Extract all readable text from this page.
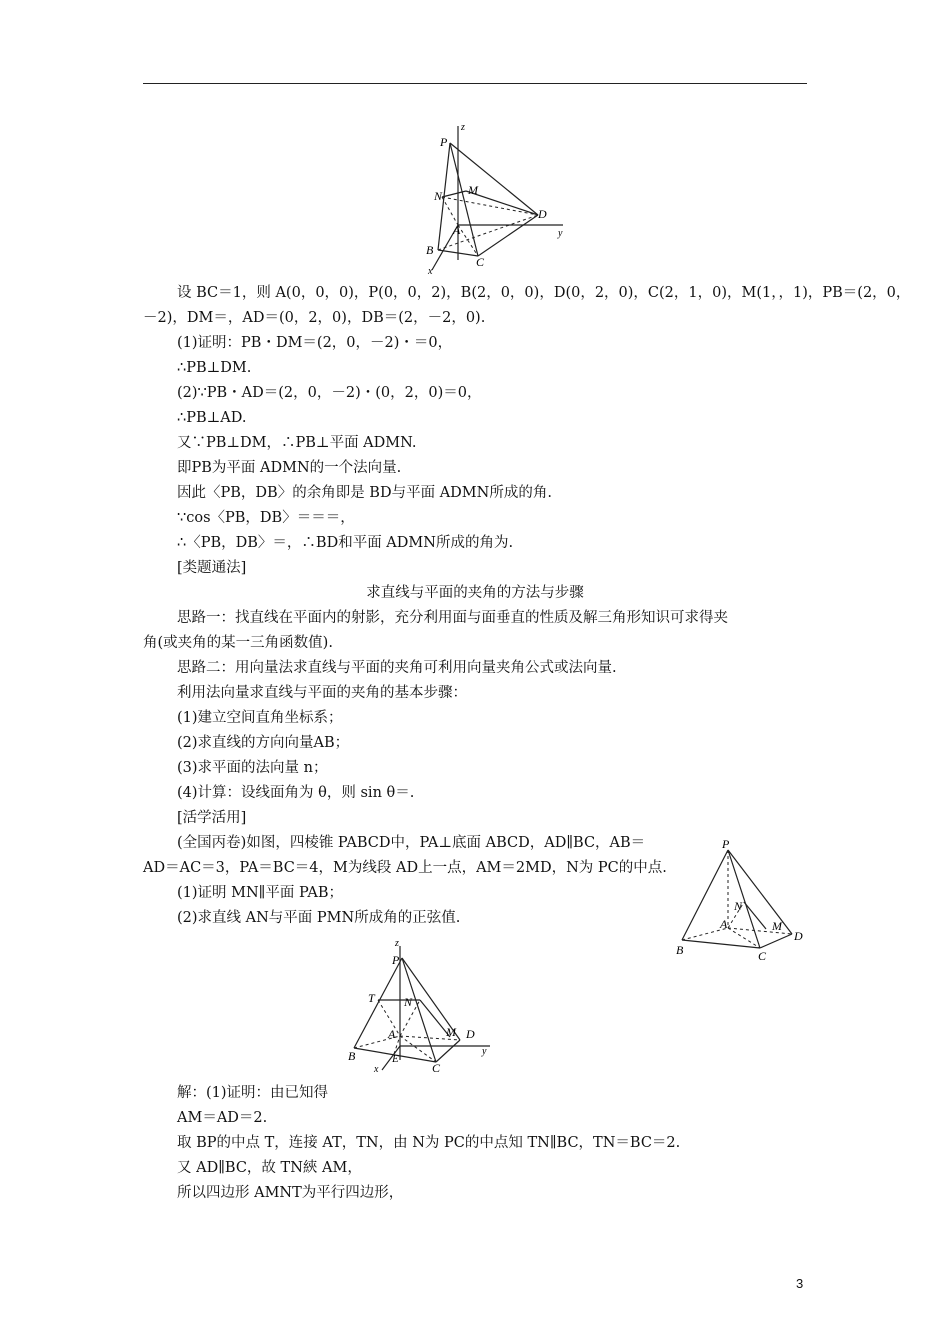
z
P
N M
D
y
A
B
C
x
P
N
A	M
D
B	C
z
P
T N
A	M D
y
B	E
C
x
设 BC＝1，则 A(0，0，0)，P(0，0，2)，B(2，0，0)，D(0，2，0)，C(2，1，0)，M(1，，1)，PB＝(2，0，
－2)，DM＝，AD＝(0，2，0)，DB＝(2，－2，0).
(1)证明：PB・DM＝(2，0，－2)・＝0，
∴PB⊥DM.
(2)∵PB・AD＝(2，0，－2)・(0，2，0)＝0，
∴PB⊥AD.
又∵PB⊥DM，∴PB⊥平面 ADMN.
即PB为平面 ADMN的一个法向量.
因此〈PB，DB〉的余角即是 BD与平面 ADMN所成的角.
∵cos〈PB，DB〉＝＝＝，
∴〈PB，DB〉＝，∴BD和平面 ADMN所成的角为.
[类题通法]
求直线与平面的夹角的方法与步骤
思路一：找直线在平面内的射影，充分利用面与面垂直的性质及解三角形知识可求得夹
角(或夹角的某一三角函数值).
思路二：用向量法求直线与平面的夹角可利用向量夹角公式或法向量.
利用法向量求直线与平面的夹角的基本步骤：
(1)建立空间直角坐标系；
(2)求直线的方向向量AB；
(3)求平面的法向量 n；
(4)计算：设线面角为 θ，则 sin θ＝.
[活学活用]
(全国丙卷)如图，四棱锥 PABCD中，PA⊥底面 ABCD，AD∥BC，AB＝
AD＝AC＝3，PA＝BC＝4，M为线段 AD上一点，AM＝2MD，N为 PC的中点.
(1)证明 MN∥平面 PAB；
(2)求直线 AN与平面 PMN所成角的正弦值.
解：(1)证明：由已知得
AM＝AD＝2.
取 BP的中点 T，连接 AT，TN，由 N为 PC的中点知 TN∥BC，TN＝BC＝2.
又 AD∥BC，故 TN綊 AM，
所以四边形 AMNT为平行四边形，
3
